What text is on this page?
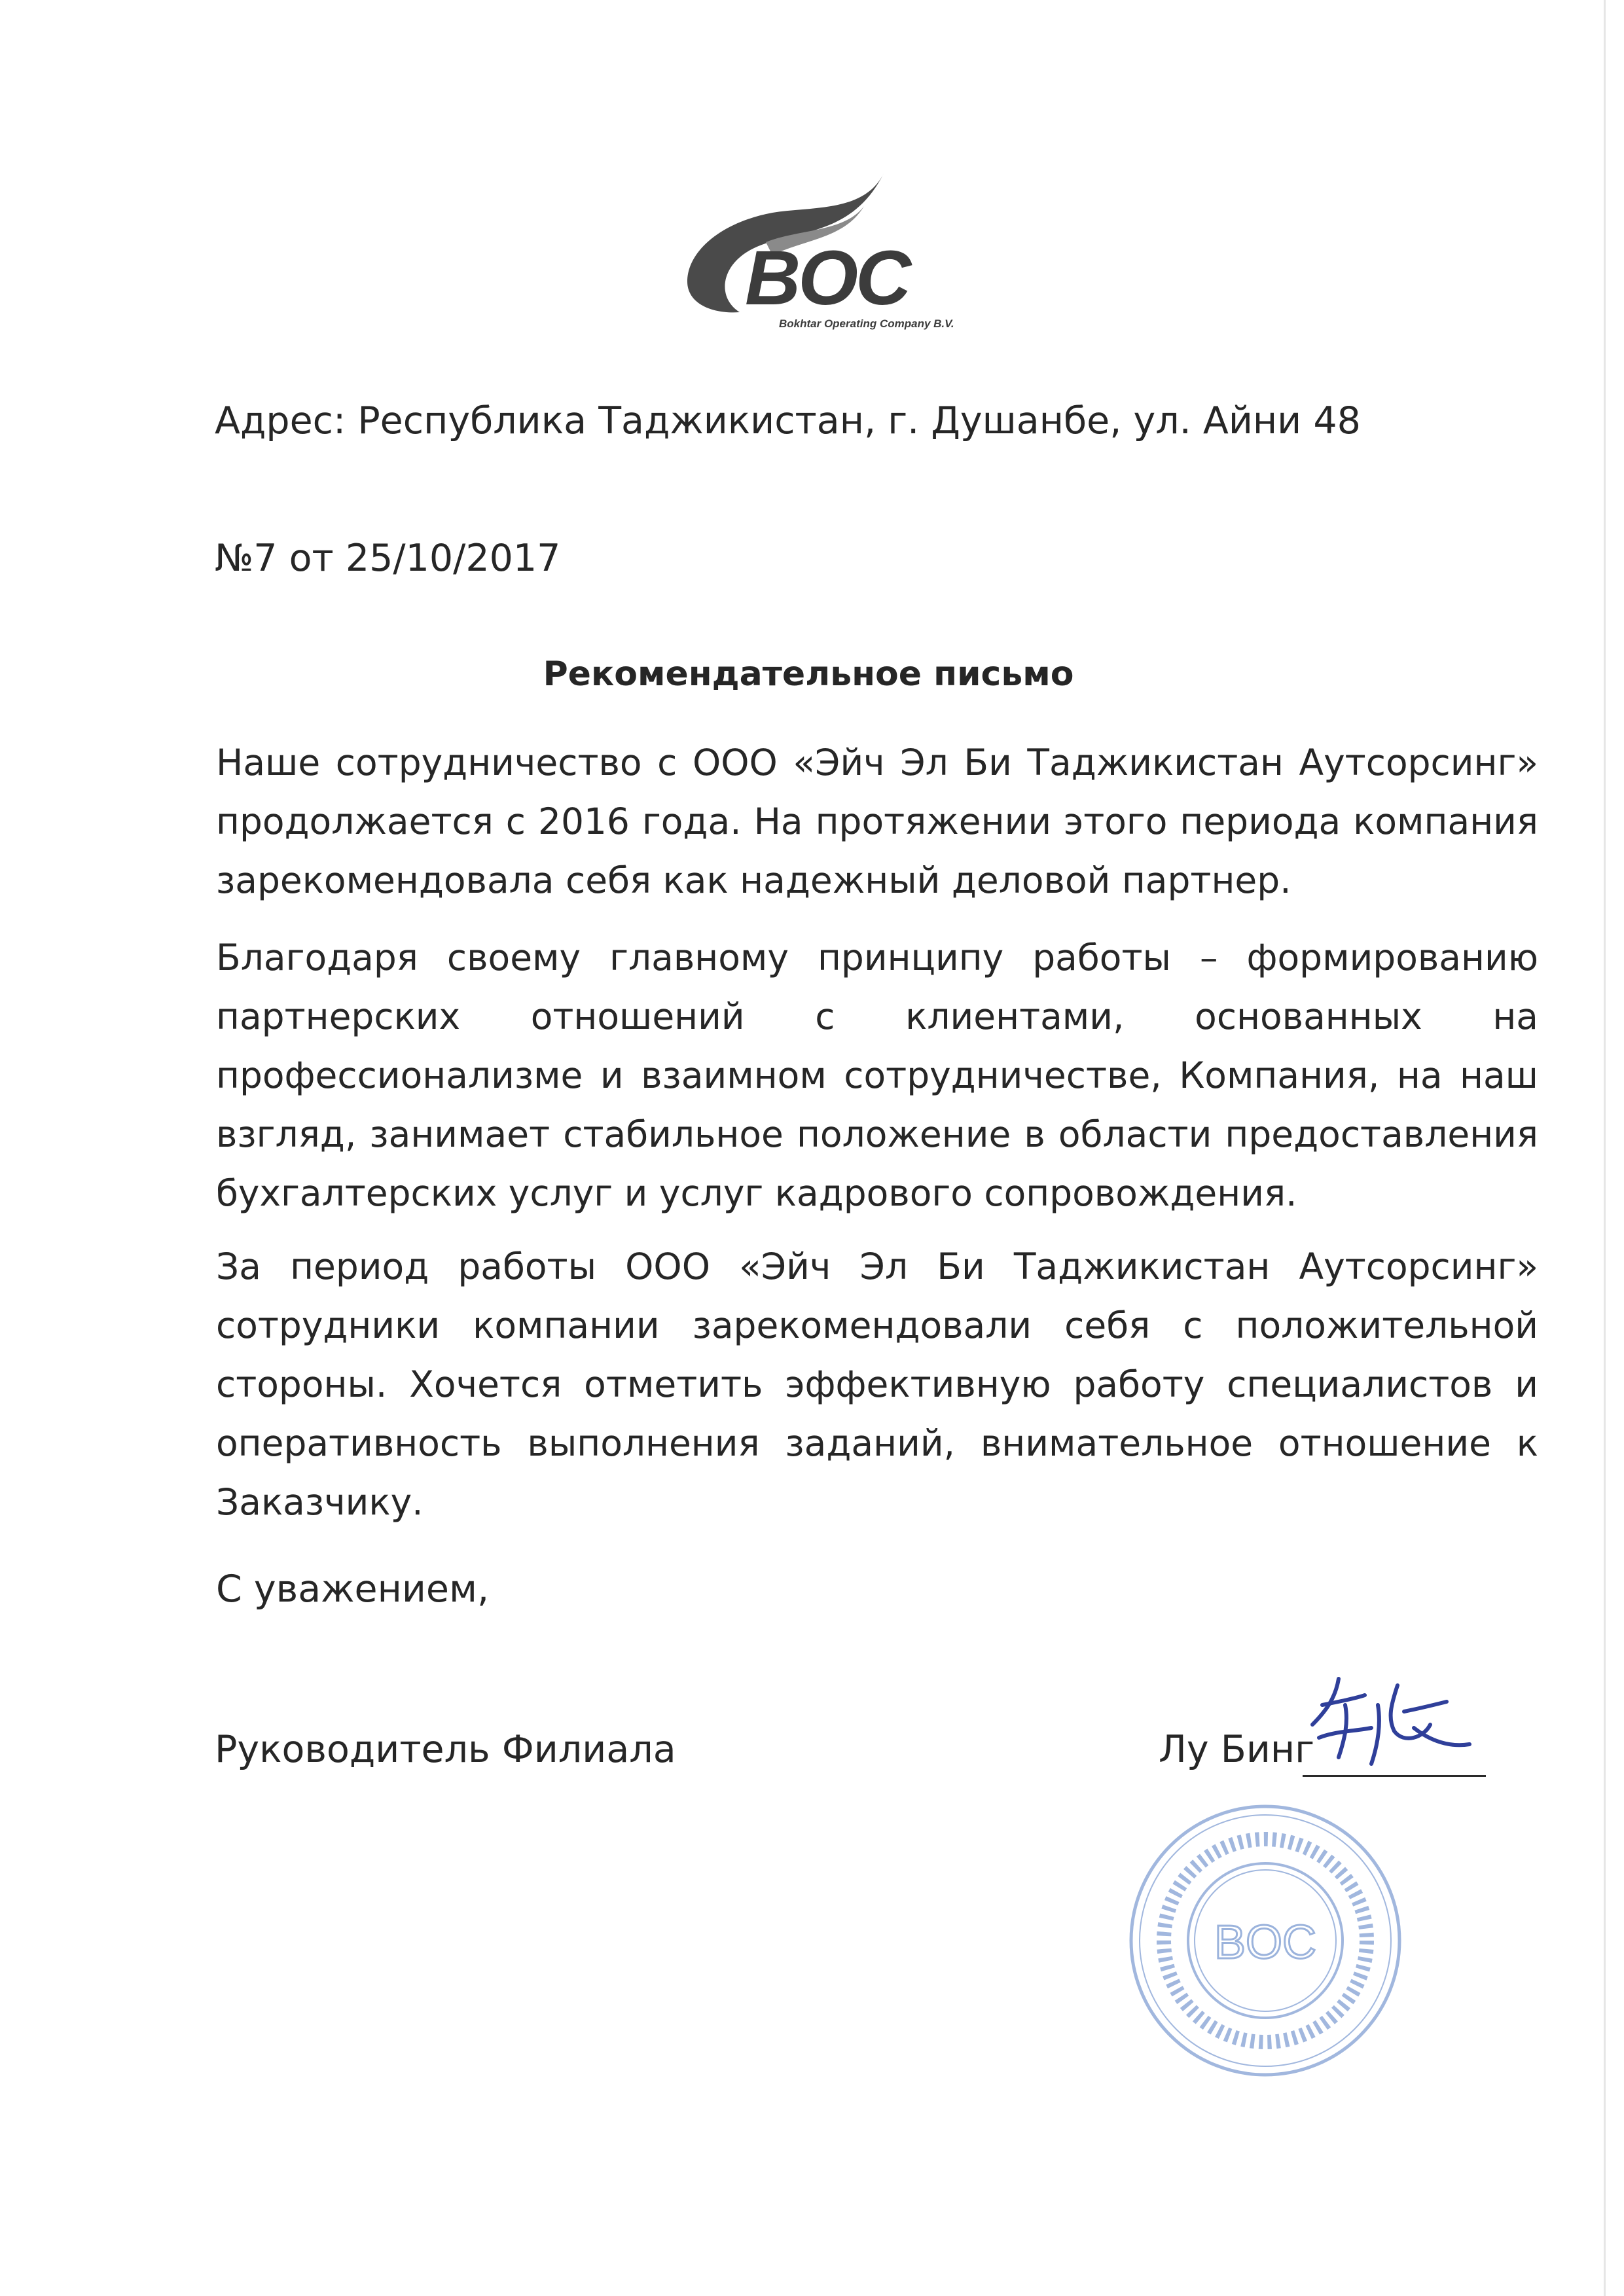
BOC
Bokhtar Operating Company B.V.

Адрес: Республика Таджикистан, г. Душанбе, ул. Айни 48

№7 от 25/10/2017

Рекомендательное письмо

Наше сотрудничество с ООО «Эйч Эл Би Таджикистан Аутсорсинг» продолжается с 2016 года. На протяжении этого периода компания зарекомендовала себя как надежный деловой партнер.

Благодаря своему главному принципу работы – формированию партнерских отношений с клиентами, основанных на профессионализме и взаимном сотрудничестве, Компания, на наш взгляд, занимает стабильное положение в области предоставления бухгалтерских услуг и услуг кадрового сопровождения.

За период работы ООО «Эйч Эл Би Таджикистан Аутсорсинг» сотрудники компании зарекомендовали себя с положительной стороны. Хочется отметить эффективную работу специалистов и оперативность выполнения заданий, внимательное отношение к Заказчику.

С уважением,

Руководитель Филиала	Лу Бинг

BOC
